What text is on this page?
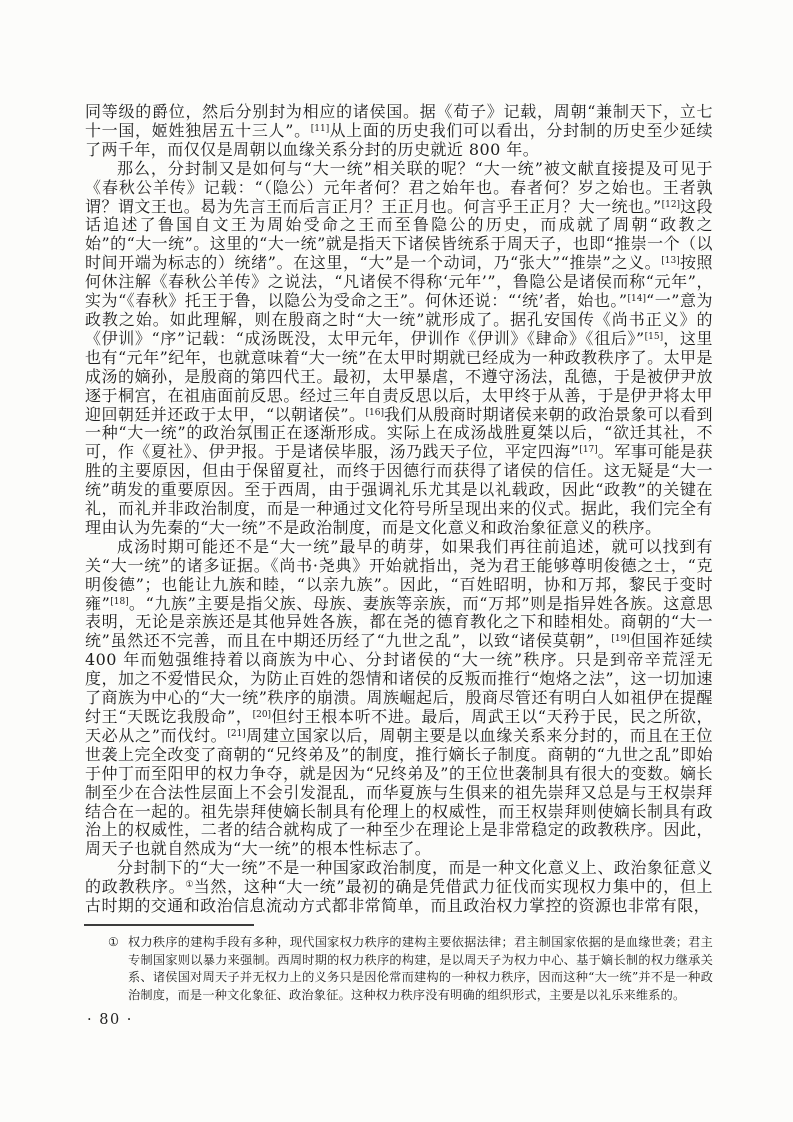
同等级的爵位，然后分别封为相应的诸侯国。据《荀子》记载，周朝“兼制天下，立七十一国，姬姓独居五十三人”。[11]从上面的历史我们可以看出，分封制的历史至少延续了两千年，而仅仅是周朝以血缘关系分封的历史就近 800 年。

那么，分封制又是如何与“大一统”相关联的呢？“大一统”被文献直接提及可见于《春秋公羊传》记载：“（隐公）元年者何？君之始年也。春者何？岁之始也。王者孰谓？谓文王也。曷为先言王而后言正月？王正月也。何言乎王正月？大一统也。”[12]这段话追述了鲁国自文王为周始受命之王而至鲁隐公的历史，而成就了周朝“政教之始”的“大一统”。这里的“大一统”就是指天下诸侯皆统系于周天子，也即“推崇一个（以时间开端为标志的）统绪”。在这里，“大”是一个动词，乃“张大”“推崇”之义。[13]按照何休注解《春秋公羊传》之说法，“凡诸侯不得称‘元年’”，鲁隐公是诸侯而称“元年”，实为“《春秋》托王于鲁，以隐公为受命之王”。何休还说：“‘统’者，始也。”[14]“一”意为政教之始。如此理解，则在殷商之时“大一统”就形成了。据孔安国传《尚书正义》的《伊训》“序”记载：“成汤既没，太甲元年，伊训作《伊训》《肆命》《徂后》”[15]，这里也有“元年”纪年，也就意味着“大一统”在太甲时期就已经成为一种政教秩序了。太甲是成汤的嫡孙，是殷商的第四代王。最初，太甲暴虐，不遵守汤法，乱德，于是被伊尹放逐于桐宫，在祖庙面前反思。经过三年自责反思以后，太甲终于从善，于是伊尹将太甲迎回朝廷并还政于太甲，“以朝诸侯”。[16]我们从殷商时期诸侯来朝的政治景象可以看到一种“大一统”的政治氛围正在逐渐形成。实际上在成汤战胜夏桀以后，“欲迁其社，不可，作《夏社》、伊尹报。于是诸侯毕服，汤乃践天子位，平定四海”[17]。军事可能是获胜的主要原因，但由于保留夏社，而终于因德行而获得了诸侯的信任。这无疑是“大一统”萌发的重要原因。至于西周，由于强调礼乐尤其是以礼载政，因此“政教”的关键在礼，而礼并非政治制度，而是一种通过文化符号所呈现出来的仪式。据此，我们完全有理由认为先秦的“大一统”不是政治制度，而是文化意义和政治象征意义的秩序。

成汤时期可能还不是“大一统”最早的萌芽，如果我们再往前追述，就可以找到有关“大一统”的诸多证据。《尚书·尧典》开始就指出，尧为君王能够尊明俊德之士，“克明俊德”；也能让九族和睦，“以亲九族”。因此，“百姓昭明，协和万邦，黎民于变时雍”[18]。“九族”主要是指父族、母族、妻族等亲族，而“万邦”则是指异姓各族。这意思表明，无论是亲族还是其他异姓各族，都在尧的德育教化之下和睦相处。商朝的“大一统”虽然还不完善，而且在中期还历经了“九世之乱”，以致“诸侯莫朝”，[19]但国祚延续 400 年而勉强维持着以商族为中心、分封诸侯的“大一统”秩序。只是到帝辛荒淫无度，加之不爱惜民众，为防止百姓的怨情和诸侯的反叛而推行“炮烙之法”，这一切加速了商族为中心的“大一统”秩序的崩溃。周族崛起后，殷商尽管还有明白人如祖伊在提醒纣王“天既讫我殷命”，[20]但纣王根本听不进。最后，周武王以“天矜于民，民之所欲，天必从之”而伐纣。[21]周建立国家以后，周朝主要是以血缘关系来分封的，而且在王位世袭上完全改变了商朝的“兄终弟及”的制度，推行嫡长子制度。商朝的“九世之乱”即始于仲丁而至阳甲的权力争夺，就是因为“兄终弟及”的王位世袭制具有很大的变数。嫡长制至少在合法性层面上不会引发混乱，而华夏族与生俱来的祖先崇拜又总是与王权崇拜结合在一起的。祖先崇拜使嫡长制具有伦理上的权威性，而王权崇拜则使嫡长制具有政治上的权威性，二者的结合就构成了一种至少在理论上是非常稳定的政教秩序。因此，周天子也就自然成为“大一统”的根本性标志了。

分封制下的“大一统”不是一种国家政治制度，而是一种文化意义上、政治象征意义的政教秩序。①当然，这种“大一统”最初的确是凭借武力征伐而实现权力集中的，但上古时期的交通和政治信息流动方式都非常简单，而且政治权力掌控的资源也非常有限，

① 权力秩序的建构手段有多种，现代国家权力秩序的建构主要依据法律；君主制国家依据的是血缘世袭；君主专制国家则以暴力来强制。西周时期的权力秩序的构建，是以周天子为权力中心、基于嫡长制的权力继承关系、诸侯国对周天子并无权力上的义务只是因伦常而建构的一种权力秩序，因而这种“大一统”并不是一种政治制度，而是一种文化象征、政治象征。这种权力秩序没有明确的组织形式，主要是以礼乐来维系的。
· 80 ·
